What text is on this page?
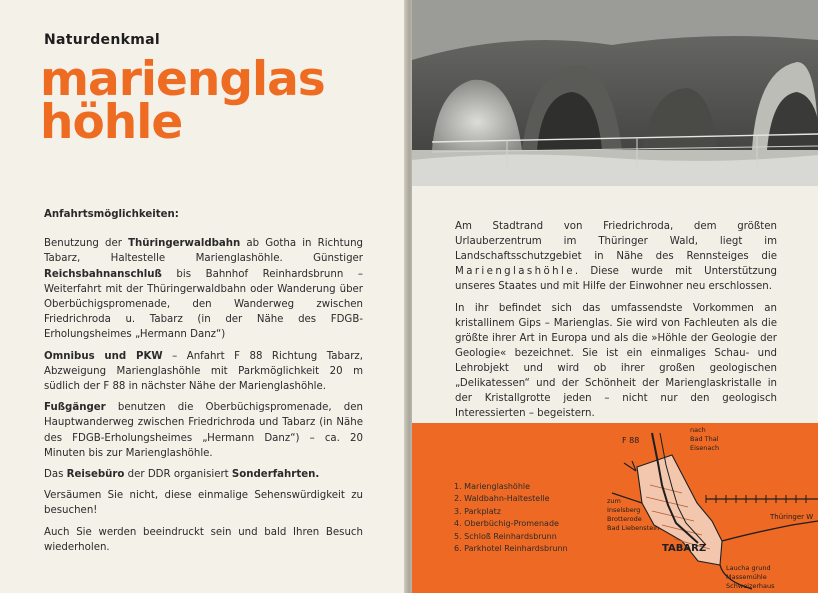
Naturdenkmal
marienglas
höhle
Anfahrtsmöglichkeiten:

Benutzung der Thüringerwaldbahn ab Gotha in Richtung Tabarz, Haltestelle Marienglashöhle. Günstiger Reichsbahnanschluß bis Bahnhof Reinhardsbrunn – Weiterfahrt mit der Thüringerwaldbahn oder Wanderung über Oberbüchigspromenade, den Wanderweg zwischen Friedrichroda u. Tabarz (in der Nähe des FDGB-Erholungsheimes „Hermann Danz“)

Omnibus und PKW – Anfahrt F 88 Richtung Tabarz, Abzweigung Marienglashöhle mit Parkmöglichkeit 20 m südlich der F 88 in nächster Nähe der Marienglashöhle.

Fußgänger benutzen die Oberbüchigspromenade, den Hauptwanderweg zwischen Friedrichroda und Tabarz (in Nähe des FDGB-Erholungsheimes „Hermann Danz“) – ca. 20 Minuten bis zur Marienglashöhle.

Das Reisebüro der DDR organisiert Sonderfahrten.

Versäumen Sie nicht, diese einmalige Sehenswürdigkeit zu besuchen!

Auch Sie werden beeindruckt sein und bald Ihren Besuch wiederholen.

Am Stadtrand von Friedrichroda, dem größten Urlauberzentrum im Thüringer Wald, liegt im Landschaftsschutzgebiet in Nähe des Rennsteiges die Marienglashöhle. Diese wurde mit Unterstützung unseres Staates und mit Hilfe der Einwohner neu erschlossen.

In ihr befindet sich das umfassendste Vorkommen an kristallinem Gips – Marienglas. Sie wird von Fachleuten als die größte ihrer Art in Europa und als die »Höhle der Geologie der Geologie« bezeichnet. Sie ist ein einmaliges Schau- und Lehrobjekt und wird ob ihrer großen geologischen „Delikatessen“ und der Schönheit der Marienglaskristalle in der Kristallgrotte jeden – nicht nur den geologisch Interessierten – begeistern.

1. Marienglashöhle
2. Waldbahn-Haltestelle
3. Parkplatz
4. Oberbüchig-Promenade
5. Schloß Reinhardsbrunn
6. Parkhotel Reinhardsbrunn
F 88
nach
Bad Thal
Eisenach
zum
Inselsberg
Brotterode
Bad Liebenstein
Thüringer W
TABARZ
Laucha grund
Massemühle
Schweizerhaus
